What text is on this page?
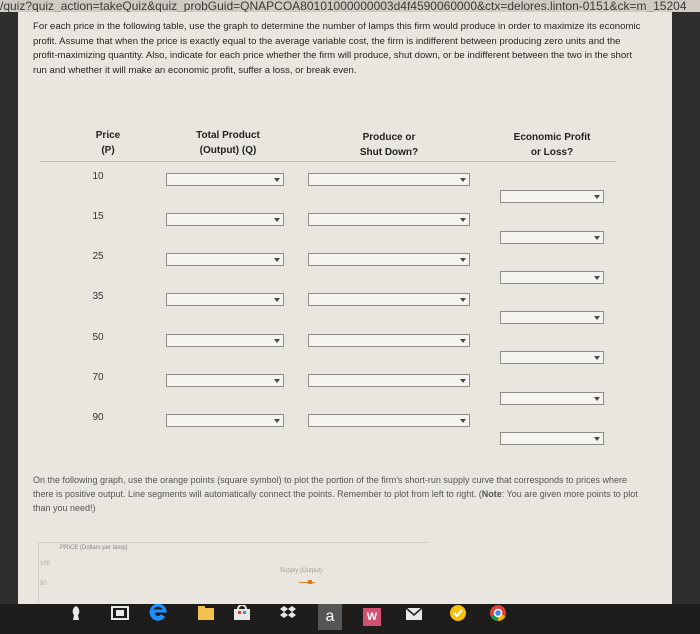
/quiz?quiz_action=takeQuiz&quiz_probGuid=QNAPCOA80101000000003d4f4590060000&ctx=delores.linton-0151&ck=m_15204

For each price in the following table, use the graph to determine the number of lamps this firm would produce in order to maximize its economic profit. Assume that when the price is exactly equal to the average variable cost, the firm is indifferent between producing zero units and the profit-maximizing quantity. Also, indicate for each price whether the firm will produce, shut down, or be indifferent between the two in the short run and whether it will make an economic profit, suffer a loss, or break even.

Price
(P)
Total Product
(Output) (Q)
Produce or
Shut Down?
Economic Profit
or Loss?
10
15
25
35
50
70
90

On the following graph, use the orange points (square symbol) to plot the portion of the firm's short-run supply curve that corresponds to prices where there is positive output. Line segments will automatically connect the points. Remember to plot from left to right. (Note: You are given more points to plot than you need!)

PRICE (Dollars per lamp)
100
90
Supply (Output)
a	W
